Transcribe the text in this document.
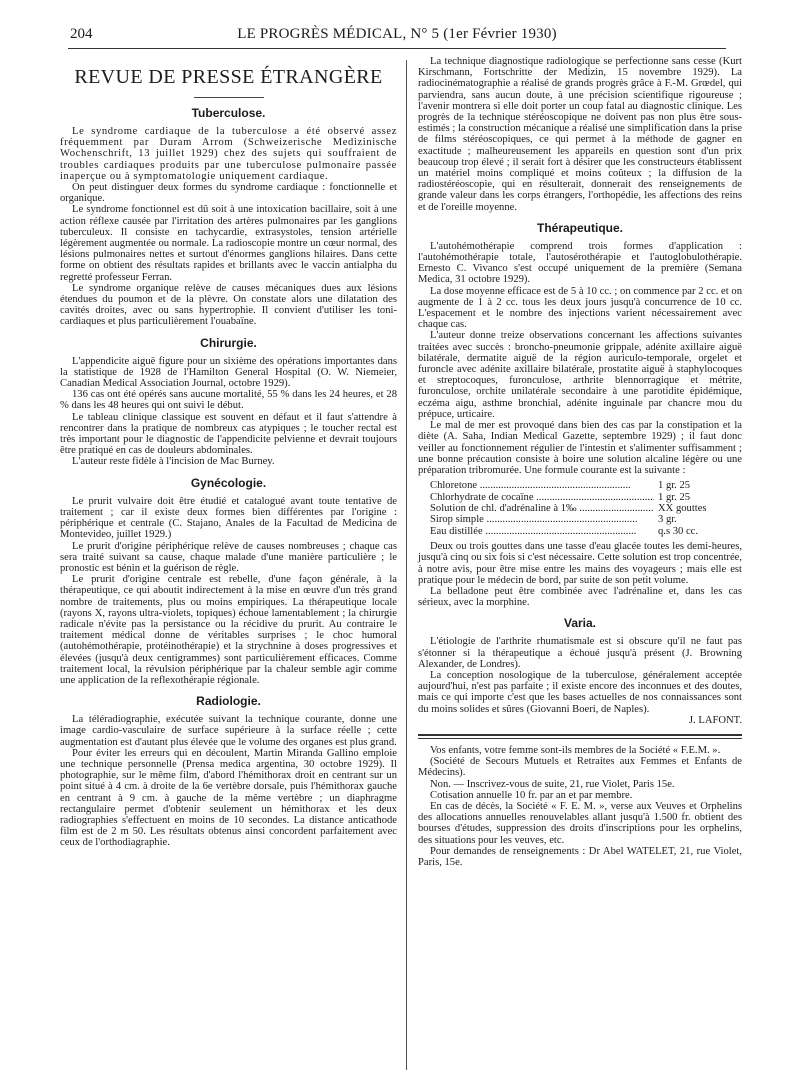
204	LE PROGRÈS MÉDICAL, N° 5 (1er Février 1930)
REVUE DE PRESSE ÉTRANGÈRE
Tuberculose.

Le syndrome cardiaque de la tuberculose a été observé assez fréquemment par Duram Arrom (Schweizerische Medizinische Wochenschrift, 13 juillet 1929) chez des sujets qui souffraient de troubles cardiaques produits par une tuberculose pulmonaire passée inaperçue ou à symptomatologie uniquement cardiaque.

On peut distinguer deux formes du syndrome cardiaque : fonctionnelle et organique.

Le syndrome fonctionnel est dû soit à une intoxication bacillaire, soit à une action réflexe causée par l'irritation des artères pulmonaires par les ganglions tuberculeux. Il consiste en tachycardie, extrasystoles, tension artérielle légèrement augmentée ou normale. La radioscopie montre un cœur normal, des lésions pulmonaires nettes et surtout d'énormes ganglions hilaires. Dans cette forme on obtient des résultats rapides et brillants avec le vaccin antialpha du regretté professeur Ferran.

Le syndrome organique relève de causes mécaniques dues aux lésions étendues du poumon et de la plèvre. On constate alors une dilatation des cavités droites, avec ou sans hypertrophie. Il convient d'utiliser les toni-cardiaques et plus particulièrement l'ouabaïne.

Chirurgie.

L'appendicite aiguë figure pour un sixième des opérations importantes dans la statistique de 1928 de l'Hamilton General Hospital (O. W. Niemeier, Canadian Medical Association Journal, octobre 1929).

136 cas ont été opérés sans aucune mortalité, 55 % dans les 24 heures, et 28 % dans les 48 heures qui ont suivi le début.

Le tableau clinique classique est souvent en défaut et il faut s'attendre à rencontrer dans la pratique de nombreux cas atypiques ; le toucher rectal est très important pour le diagnostic de l'appendicite pelvienne et devrait toujours être pratiqué en cas de douleurs abdominales.

L'auteur reste fidèle à l'incision de Mac Burney.

Gynécologie.

Le prurit vulvaire doit être étudié et catalogué avant toute tentative de traitement ; car il existe deux formes bien différentes par l'origine : périphérique et centrale (C. Stajano, Anales de la Facultad de Medicina de Montevideo, juillet 1929.)

Le prurit d'origine périphérique relève de causes nombreuses ; chaque cas sera traité suivant sa cause, chaque malade d'une manière particulière ; le pronostic est bénin et la guérison de règle.

Le prurit d'origine centrale est rebelle, d'une façon générale, à la thérapeutique, ce qui aboutit indirectement à la mise en œuvre d'un très grand nombre de traitements, plus ou moins empiriques. La thérapeutique locale (rayons X, rayons ultra-violets, topiques) échoue lamentablement ; la chirurgie radicale n'évite pas la persistance ou la récidive du prurit. Au contraire le traitement médical donne de véritables surprises ; le choc humoral (autohémothérapie, protéinothérapie) et la strychnine à doses progressives et élevées (jusqu'à deux centigrammes) sont particulièrement efficaces. Comme traitement local, la révulsion périphérique par la chaleur semble agir comme une application de la reflexothérapie régionale.

Radiologie.

La téléradiographie, exécutée suivant la technique courante, donne une image cardio-vasculaire de surface supérieure à la surface réelle ; cette augmentation est d'autant plus élevée que le volume des organes est plus grand.

Pour éviter les erreurs qui en découlent, Martin Miranda Gallino emploie une technique personnelle (Prensa medica argentina, 30 octobre 1929). Il photographie, sur le même film, d'abord l'hémithorax droit en centrant sur un point situé à 4 cm. à droite de la 6e vertèbre dorsale, puis l'hémithorax gauche en centrant à 9 cm. à gauche de la même vertèbre ; un diaphragme rectangulaire permet d'obtenir seulement un hémithorax et les deux radiographies s'effectuent en moins de 10 secondes. La distance anticathode film est de 2 m 50. Les résultats obtenus ainsi concordent parfaitement avec ceux de l'orthodiagraphie.

La technique diagnostique radiologique se perfectionne sans cesse (Kurt Kirschmann, Fortschritte der Medizin, 15 novembre 1929). La radiocinématographie a réalisé de grands progrès grâce à F.-M. Grœdel, qui parviendra, sans aucun doute, à une précision scientifique rigoureuse ; l'avenir montrera si elle doit porter un coup fatal au diagnostic clinique. Les progrès de la technique stéréoscopique ne doivent pas non plus être sous-estimés ; la construction mécanique a réalisé une simplification dans la prise de films stéréoscopiques, ce qui permet à la méthode de gagner en exactitude ; malheureusement les appareils en question sont d'un prix beaucoup trop élevé ; il serait fort à désirer que les constructeurs établissent un matériel moins compliqué et moins coûteux ; la diffusion de la radiostéréoscopie, qui en résulterait, donnerait des renseignements de grande valeur dans les corps étrangers, l'orthopédie, les affections des reins et de l'oreille moyenne.

Thérapeutique.

L'autohémothérapie comprend trois formes d'application : l'autohémothérapie totale, l'autosérothérapie et l'autoglobulothérapie. Ernesto C. Vivanco s'est occupé uniquement de la première (Semana Medica, 31 octobre 1929).

La dose moyenne efficace est de 5 à 10 cc. ; on commence par 2 cc. et on augmente de 1 à 2 cc. tous les deux jours jusqu'à concurrence de 10 cc. L'espacement et le nombre des injections varient nécessairement avec chaque cas.

L'auteur donne treize observations concernant les affections suivantes traitées avec succès : broncho-pneumonie grippale, adénite axillaire aiguë bilatérale, dermatite aiguë de la région auriculo-temporale, orgelet et furoncle avec adénite axillaire bilatérale, prostatite aiguë à staphylocoques et streptocoques, furonculose, arthrite blennorragique et métrite, furonculose, orchite unilatérale secondaire à une parotidite épidémique, eczéma aigu, asthme bronchial, adénite inguinale par chancre mou du prépuce, urticaire.

Le mal de mer est provoqué dans bien des cas par la constipation et la diète (A. Saha, Indian Medical Gazette, septembre 1929) ; il faut donc veiller au fonctionnement régulier de l'intestin et s'alimenter suffisamment ; une bonne précaution consiste à boire une solution alcaline légère ou une préparation tribromurée. Une formule courante est la suivante :

Chloretone .....	1 gr. 25
Chlorhydrate de cocaïne .....	1 gr. 25
Solution de chl. d'adrénaline à 1‰ .....	XX gouttes
Sirop simple .....	3 gr.
Eau distillée .....	q.s 30 cc.

Deux ou trois gouttes dans une tasse d'eau glacée toutes les demi-heures, jusqu'à cinq ou six fois si c'est nécessaire. Cette solution est trop concentrée, à notre avis, pour être mise entre les mains des voyageurs ; mais elle est pratique pour le médecin de bord, par suite de son petit volume.

La belladone peut être combinée avec l'adrénaline et, dans les cas sérieux, avec la morphine.

Varia.

L'étiologie de l'arthrite rhumatismale est si obscure qu'il ne faut pas s'étonner si la thérapeutique a échoué jusqu'à présent (J. Browning Alexander, de Londres).

La conception nosologique de la tuberculose, généralement acceptée aujourd'hui, n'est pas parfaite ; il existe encore des inconnues et des doutes, mais ce qui importe c'est que les bases actuelles de nos connaissances sont du moins solides et sûres (Giovanni Boeri, de Naples).

J. LAFONT.

Vos enfants, votre femme sont-ils membres de la Société « F.E.M. ».

(Société de Secours Mutuels et Retraites aux Femmes et Enfants de Médecins).

Non. — Inscrivez-vous de suite, 21, rue Violet, Paris 15e.

Cotisation annuelle 10 fr. par an et par membre.

En cas de décès, la Société « F. E. M. », verse aux Veuves et Orphelins des allocations annuelles renouvelables allant jusqu'à 1.500 fr. obtient des bourses d'études, suppression des droits d'inscriptions pour les orphelins, des situations pour les veuves, etc.

Pour demandes de renseignements : Dr Abel WATELET, 21, rue Violet, Paris, 15e.
